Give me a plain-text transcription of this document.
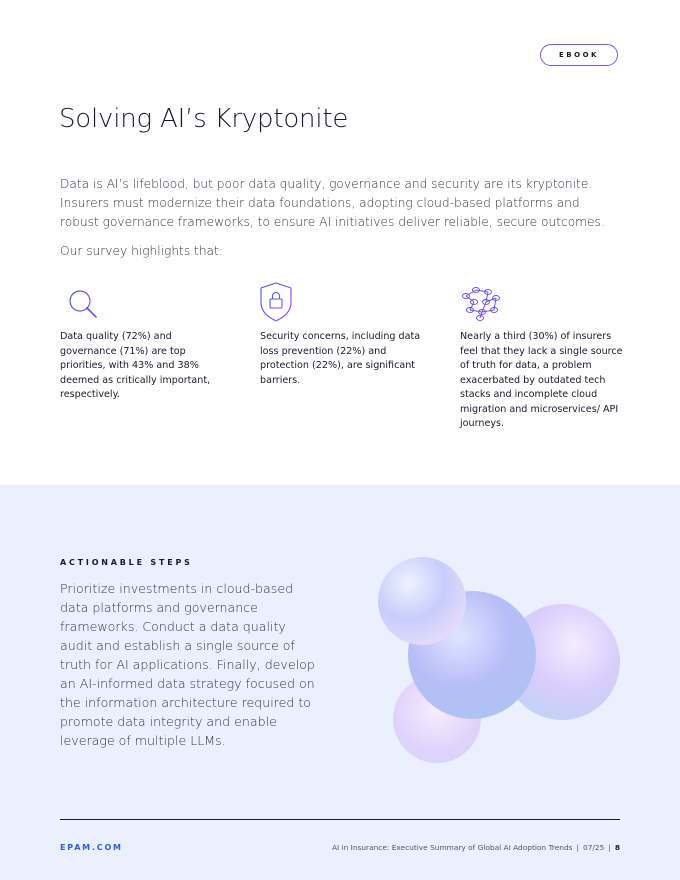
EBOOK
Solving AI’s Kryptonite

Data is AI’s lifeblood, but poor data quality, governance and security are its kryptonite. Insurers must modernize their data foundations, adopting cloud-based platforms and robust governance frameworks, to ensure AI initiatives deliver reliable, secure outcomes.

Our survey highlights that:

Data quality (72%) and governance (71%) are top priorities, with 43% and 38% deemed as critically important, respectively.

Security concerns, including data loss prevention (22%) and protection (22%), are significant barriers.

Nearly a third (30%) of insurers feel that they lack a single source of truth for data, a problem exacerbated by outdated tech stacks and incomplete cloud migration and microservices/ API journeys.

ACTIONABLE STEPS

Prioritize investments in cloud-based data platforms and governance frameworks. Conduct a data quality audit and establish a single source of truth for AI applications. Finally, develop an AI-informed data strategy focused on the information architecture required to promote data integrity and enable leverage of multiple LLMs.

EPAM.COM	AI in Insurance: Executive Summary of Global AI Adoption Trends | 07/25 | 8
